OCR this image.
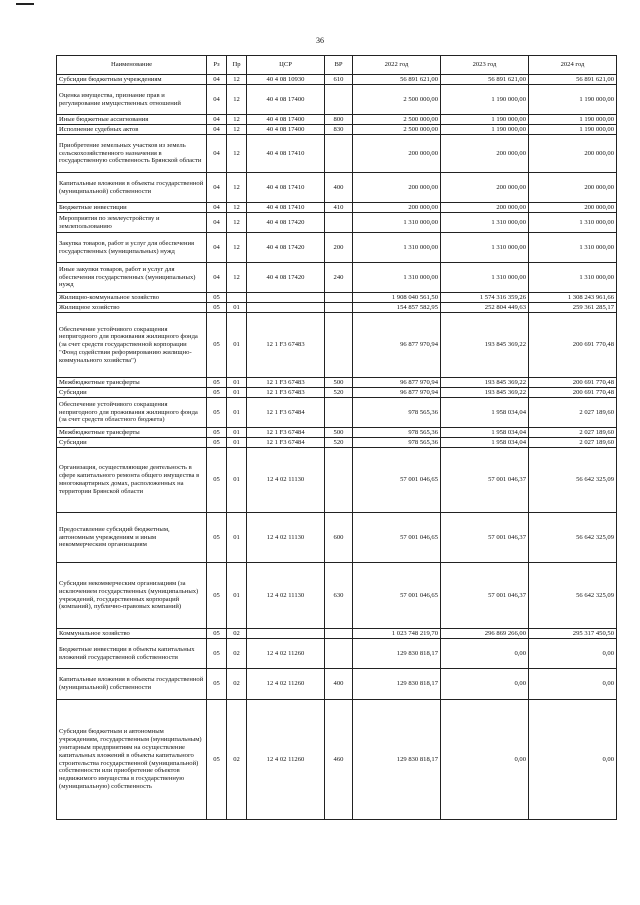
36
Наименование	Рз	Пр	ЦСР	ВР	2022 год	2023 год	2024 год
Субсидии бюджетным учреждениям	04	12	40 4 08 10930	610	56 891 621,00	56 891 621,00	56 891 621,00
Оценка имущества, признание прав и регулирование имущественных отношений	04	12	40 4 08 17400		2 500 000,00	1 190 000,00	1 190 000,00
Иные бюджетные ассигнования	04	12	40 4 08 17400	800	2 500 000,00	1 190 000,00	1 190 000,00
Исполнение судебных актов	04	12	40 4 08 17400	830	2 500 000,00	1 190 000,00	1 190 000,00
Приобретение земельных участков из земель сельскохозяйственного назначения в государственную собственность Брянской области	04	12	40 4 08 17410		200 000,00	200 000,00	200 000,00
Капитальные вложения в объекты государственной (муниципальной) собственности	04	12	40 4 08 17410	400	200 000,00	200 000,00	200 000,00
Бюджетные инвестиции	04	12	40 4 08 17410	410	200 000,00	200 000,00	200 000,00
Мероприятия по землеустройству и землепользованию	04	12	40 4 08 17420		1 310 000,00	1 310 000,00	1 310 000,00
Закупка товаров, работ и услуг для обеспечения государственных (муниципальных) нужд	04	12	40 4 08 17420	200	1 310 000,00	1 310 000,00	1 310 000,00
Иные закупки товаров, работ и услуг для обеспечения государственных (муниципальных) нужд	04	12	40 4 08 17420	240	1 310 000,00	1 310 000,00	1 310 000,00
Жилищно-коммунальное хозяйство	05				1 908 040 561,50	1 574 316 359,26	1 308 243 961,66
Жилищное хозяйство	05	01			154 857 582,95	252 804 449,63	259 361 285,17
Обеспечение устойчивого сокращения непригодного для проживания жилищного фонда (за счет средств государственной корпорации "Фонд содействия реформированию жилищно-коммунального хозяйства")	05	01	12 1 F3 67483		96 877 970,94	193 845 369,22	200 691 770,48
Межбюджетные трансферты	05	01	12 1 F3 67483	500	96 877 970,94	193 845 369,22	200 691 770,48
Субсидии	05	01	12 1 F3 67483	520	96 877 970,94	193 845 369,22	200 691 770,48
Обеспечение устойчивого сокращения непригодного для проживания жилищного фонда (за счет средств областного бюджета)	05	01	12 1 F3 67484		978 565,36	1 958 034,04	2 027 189,60
Межбюджетные трансферты	05	01	12 1 F3 67484	500	978 565,36	1 958 034,04	2 027 189,60
Субсидии	05	01	12 1 F3 67484	520	978 565,36	1 958 034,04	2 027 189,60
Организация, осуществляющие деятельность в сфере капитального ремонта общего имущества в многоквартирных домах, расположенных на территории Брянской области	05	01	12 4 02 11130		57 001 046,65	57 001 046,37	56 642 325,09
Предоставление субсидий бюджетным, автономным учреждениям и иным некоммерческим организациям	05	01	12 4 02 11130	600	57 001 046,65	57 001 046,37	56 642 325,09
Субсидии некоммерческим организациям (за исключением государственных (муниципальных) учреждений, государственных корпораций (компаний), публично-правовых компаний)	05	01	12 4 02 11130	630	57 001 046,65	57 001 046,37	56 642 325,09
Коммунальное хозяйство	05	02			1 023 748 219,70	296 869 266,00	295 317 450,50
Бюджетные инвестиции в объекты капитальных вложений государственной собственности	05	02	12 4 02 11260		129 830 818,17	0,00	0,00
Капитальные вложения в объекты государственной (муниципальной) собственности	05	02	12 4 02 11260	400	129 830 818,17	0,00	0,00
Субсидии бюджетным и автономным учреждениям, государственным (муниципальным) унитарным предприятиям на осуществление капитальных вложений в объекты капитального строительства государственной (муниципальной) собственности или приобретение объектов недвижимого имущества в государственную (муниципальную) собственность	05	02	12 4 02 11260	460	129 830 818,17	0,00	0,00
